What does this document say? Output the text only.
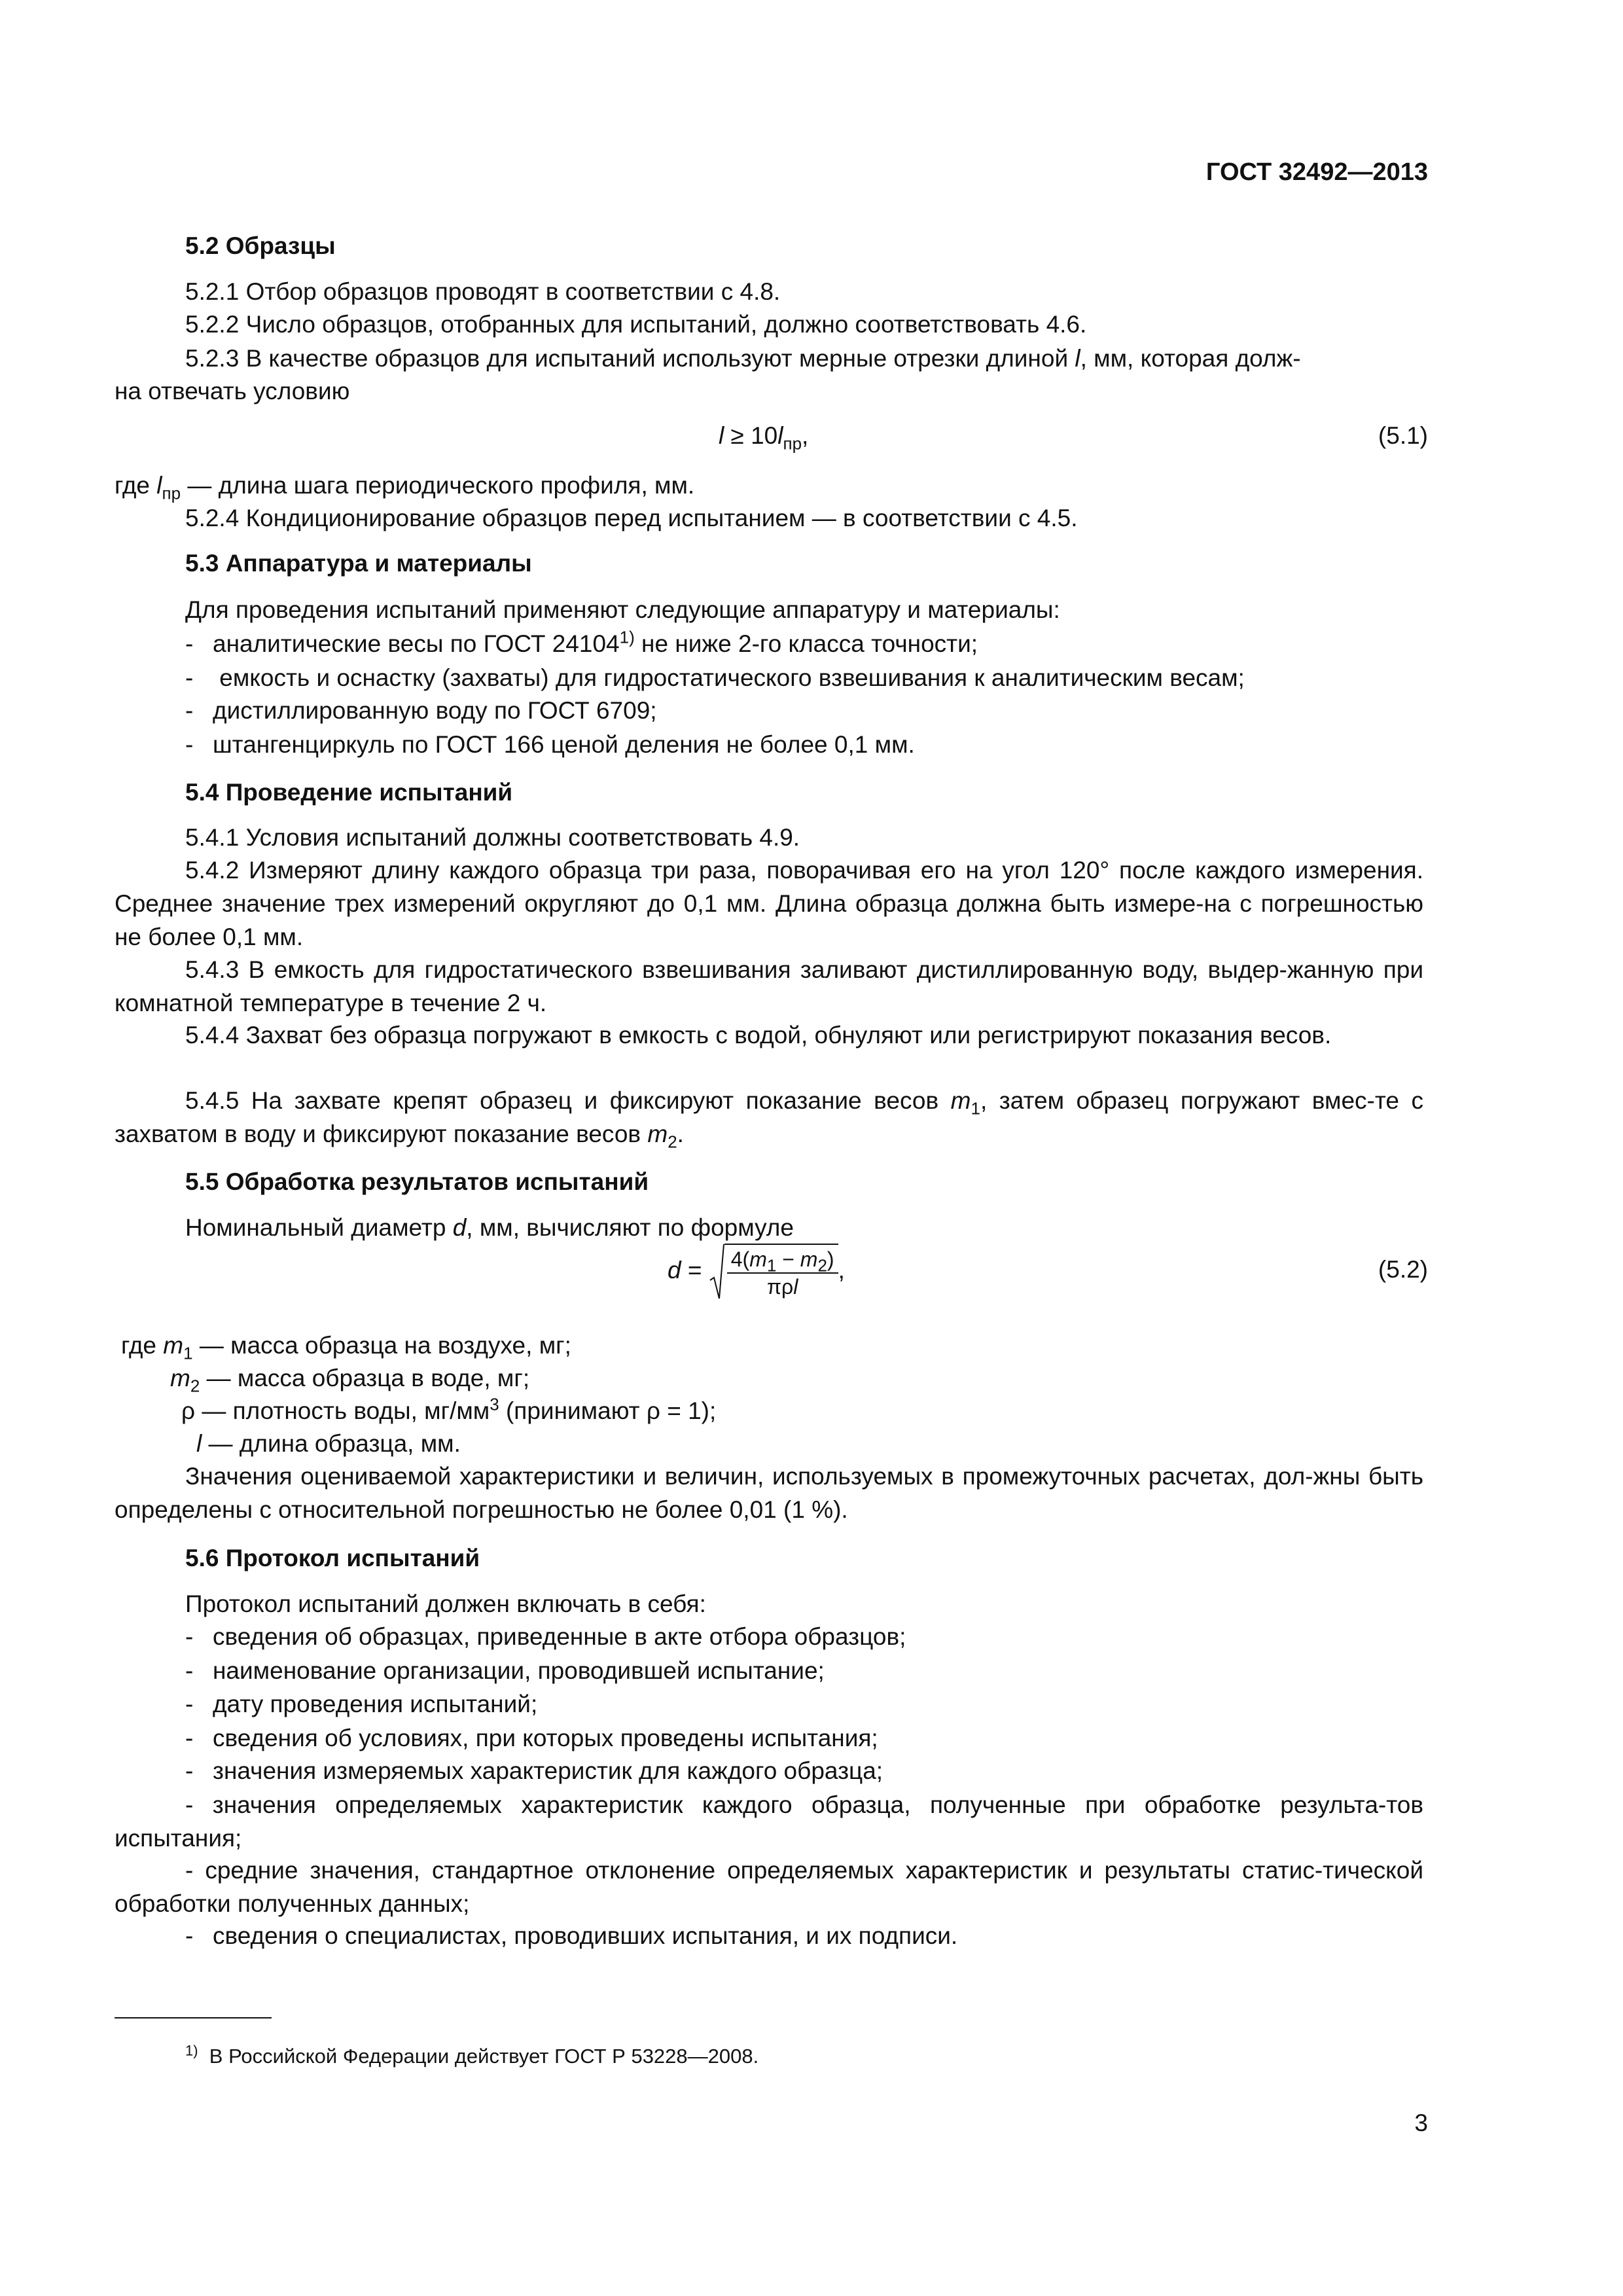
ГОСТ 32492—2013
5.2 Образцы
5.2.1 Отбор образцов проводят в соответствии с 4.8.
5.2.2 Число образцов, отобранных для испытаний, должно соответствовать 4.6.
5.2.3 В качестве образцов для испытаний используют мерные отрезки длиной l, мм, которая долж-
на отвечать условию
$l \ge 10l_{пр}$,	(5.1)
где $l_{пр}$ — длина шага периодического профиля, мм.
5.2.4 Кондиционирование образцов перед испытанием — в соответствии с 4.5.
5.3 Аппаратура и материалы
Для проведения испытаний применяют следующие аппаратуру и материалы:
- аналитические весы по ГОСТ 24104$^{1)}$ не ниже 2-го класса точности;
- емкость и оснастку (захваты) для гидростатического взвешивания к аналитическим весам;
- дистиллированную воду по ГОСТ 6709;
- штангенциркуль по ГОСТ 166 ценой деления не более 0,1 мм.
5.4 Проведение испытаний
5.4.1 Условия испытаний должны соответствовать 4.9.
5.4.2 Измеряют длину каждого образца три раза, поворачивая его на угол 120° после каждого измерения. Среднее значение трех измерений округляют до 0,1 мм. Длина образца должна быть измере-на с погрешностью не более 0,1 мм.
5.4.3 В емкость для гидростатического взвешивания заливают дистиллированную воду, выдер-жанную при комнатной температуре в течение 2 ч.
5.4.4 Захват без образца погружают в емкость с водой, обнуляют или регистрируют показания весов.
5.4.5 На захвате крепят образец и фиксируют показание весов $m_1$, затем образец погружают вмес-те с захватом в воду и фиксируют показание весов $m_2$.
5.5 Обработка результатов испытаний
Номинальный диаметр d, мм, вычисляют по формуле
$d = \frac{4(m_1 - m_2)}{\text{πρl}}$ ,	(5.2)
где $m_1$ — масса образца на воздухе, мг;
$m_2$ — масса образца в воде, мг;
ρ — плотность воды, $мг/мм^3$ (принимают ρ = 1);
l — длина образца, мм.
Значения оцениваемой характеристики и величин, используемых в промежуточных расчетах, дол-жны быть определены с относительной погрешностью не более 0,01 (1 %).
5.6 Протокол испытаний
Протокол испытаний должен включать в себя:
- сведения об образцах, приведенные в акте отбора образцов;
- наименование организации, проводившей испытание;
- дату проведения испытаний;
- сведения об условиях, при которых проведены испытания;
- значения измеряемых характеристик для каждого образца;
- значения определяемых характеристик каждого образца, полученные при обработке результа-тов испытания;
- средние значения, стандартное отклонение определяемых характеристик и результаты статис-тической обработки полученных данных;
- сведения о специалистах, проводивших испытания, и их подписи.
$^{1)}$ В Российской Федерации действует ГОСТ Р 53228—2008.
3
